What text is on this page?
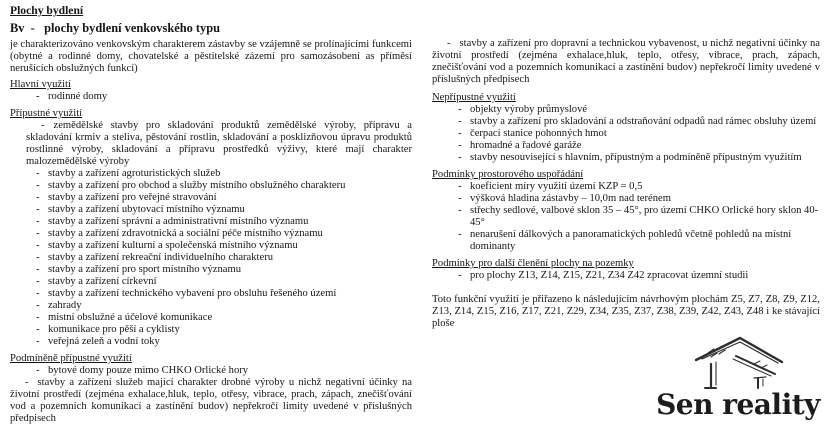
Plochy bydlení
Bv -  plochy bydlení venkovského typu
je charakterizováno venkovským charakterem zástavby se vzájemně se prolínajícími funkcemi (obytné a rodinné domy, chovatelské a pěstitelské zázemí pro samozásobení as příměsí nerušících obslužných funkcí)
Hlavní využití
- rodinné domy
Přípustné využití
- zemědělské stavby pro skladování produktů zemědělské výroby, přípravu a skladování krmiv a steliva, pěstování rostlin, skladování a posklizňovou úpravu produktů rostlinné výroby, skladování a přípravu prostředků výživy, které mají charakter malozemědělské výroby
- stavby a zařízení agroturistických služeb
- stavby a zařízení pro obchod a služby místního obslužného charakteru
- stavby a zařízení pro veřejné stravování
- stavby a zařízení ubytovací místního významu
- stavby a zařízení správní a administrativní místního významu
- stavby a zařízení zdravotnická a sociální péče místního významu
- stavby a zařízení kulturní a společenská místního významu
- stavby a zařízení rekreační individuelního charakteru
- stavby a zařízení pro sport místního významu
- stavby a zařízení církevní
- stavby a zařízení technického vybavení pro obsluhu řešeného území
- zahrady
- místní obslužné a účelové komunikace
- komunikace pro pěší a cyklisty
- veřejná zeleň a vodní toky
Podmíněně přípustné využití
- bytové domy pouze mimo CHKO Orlické hory
- stavby a zařízení služeb mající charakter drobné výroby u nichž negativní účinky na životní prostředí (zejména exhalace,hluk, teplo, otřesy, vibrace, prach, zápach, znečišťování vod a pozemních komunikací a zastínění budov) nepřekročí limity uvedené v příslušných předpisech
- stavby a zařízení pro dopravní a technickou vybavenost, u nichž negativní účinky na životní prostředí (zejména exhalace,hluk, teplo, otřesy, vibrace, prach, zápach, znečišťování vod a pozemních komunikací a zastínění budov) nepřekročí limity uvedené v příslušných předpisech
Nepřípustné využití
- objekty výroby průmyslové
- stavby a zařízení pro skladování a odstraňování odpadů nad rámec obsluhy území
- čerpací stanice pohonných hmot
- hromadné a řadové garáže
- stavby nesouvisející s hlavním, přípustným a podmíněně přípustným využitím
Podmínky prostorového uspořádání
- koeficient míry využití území KZP = 0,5
- výšková hladina zástavby – 10,0m nad terénem
- střechy sedlové, valbové sklon 35 – 45°, pro území CHKO Orlické hory sklon 40-45°
- nenarušení dálkových a panoramatických pohledů včetně pohledů na místní dominanty
Podmínky pro další členění plochy na pozemky
- pro plochy Z13, Z14, Z15, Z21, Z34 Z42 zpracovat územní studii
Toto funkční využití je přiřazeno k následujícím návrhovým plochám Z5, Z7, Z8, Z9, Z12, Z13, Z14, Z15, Z16, Z17, Z21, Z29, Z34, Z35, Z37, Z38, Z39, Z42, Z43, Z48 i ke stávající ploše
Sen reality
